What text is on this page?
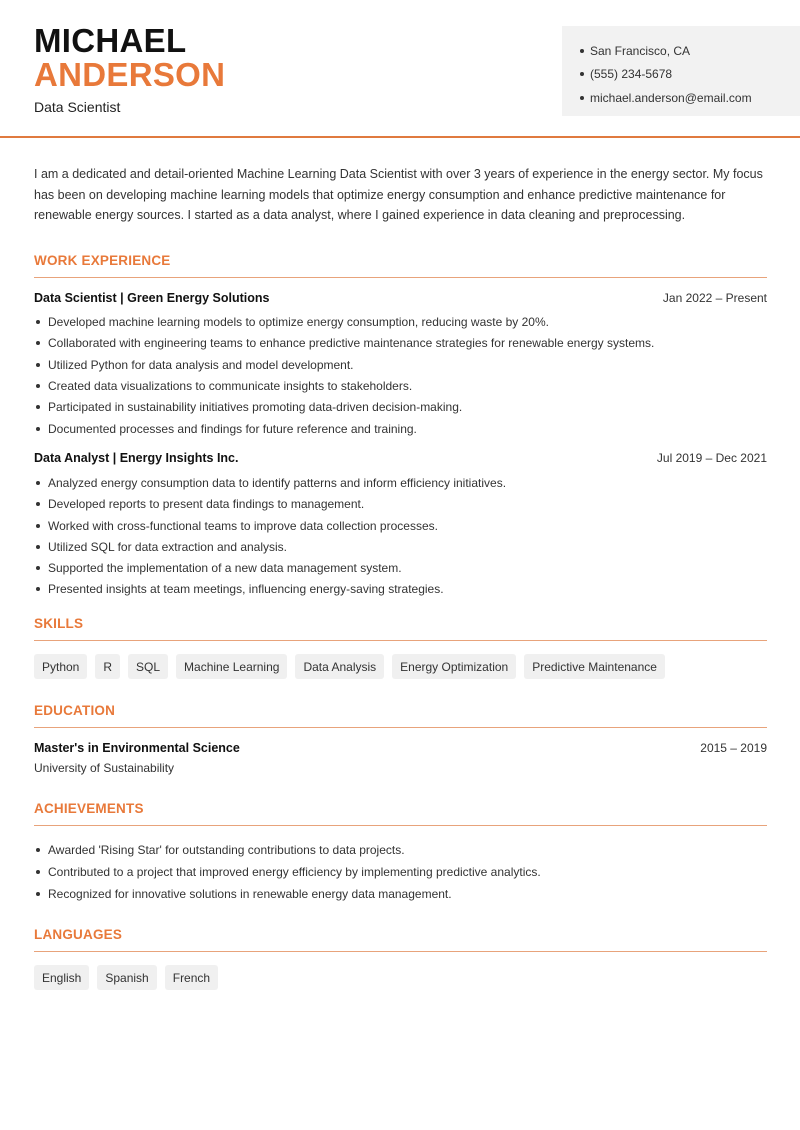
MICHAEL
ANDERSON
Data Scientist
San Francisco, CA
(555) 234-5678
michael.anderson@email.com

I am a dedicated and detail-oriented Machine Learning Data Scientist with over 3 years of experience in the energy sector. My focus has been on developing machine learning models that optimize energy consumption and enhance predictive maintenance for renewable energy sources. I started as a data analyst, where I gained experience in data cleaning and preprocessing.

WORK EXPERIENCE
Data Scientist | Green Energy Solutions	Jan 2022 – Present
Developed machine learning models to optimize energy consumption, reducing waste by 20%.
Collaborated with engineering teams to enhance predictive maintenance strategies for renewable energy systems.
Utilized Python for data analysis and model development.
Created data visualizations to communicate insights to stakeholders.
Participated in sustainability initiatives promoting data-driven decision-making.
Documented processes and findings for future reference and training.
Data Analyst | Energy Insights Inc.	Jul 2019 – Dec 2021
Analyzed energy consumption data to identify patterns and inform efficiency initiatives.
Developed reports to present data findings to management.
Worked with cross-functional teams to improve data collection processes.
Utilized SQL for data extraction and analysis.
Supported the implementation of a new data management system.
Presented insights at team meetings, influencing energy-saving strategies.
SKILLS
Python	R	SQL	Machine Learning	Data Analysis	Energy Optimization	Predictive Maintenance
EDUCATION
Master's in Environmental Science	2015 – 2019
University of Sustainability
ACHIEVEMENTS
Awarded 'Rising Star' for outstanding contributions to data projects.
Contributed to a project that improved energy efficiency by implementing predictive analytics.
Recognized for innovative solutions in renewable energy data management.
LANGUAGES
English	Spanish	French
